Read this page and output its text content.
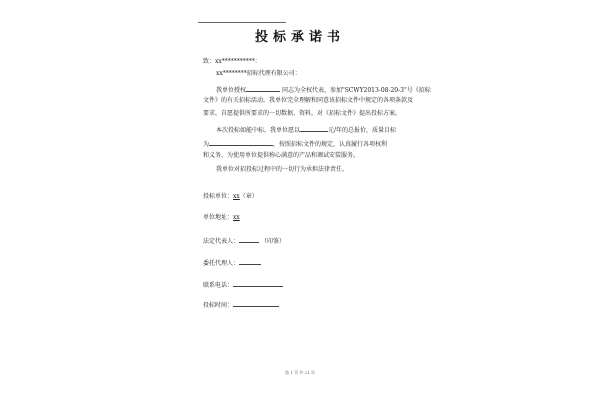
投标承诺书
致：xx***********：
xx********招标代理有限公司：
我单位授权	同志为全权代表，参加"SCWY2013-08-20-3"号《招标
文件》的有关招标活动。我单位完全理解和同意该招标文件中规定的各项条款及
要求，自愿提供所要求的一切数据、资料，对《招标文件》提出投标方案。
本次投标如能中标，我单位愿以	元/年的总报价，质量目标
为	，按照招标文件的规定，认真履行各项权利
和义务，为使用单位提供称心满意的产品和调试安装服务。
我单位对招投标过程中的一切行为承担法律责任。
投标单位：xx（章）
单位地址：xx
法定代表人：	（印鉴）
委托代理人：
联系电话：
投标时间：
第 1 页 共 21 页
